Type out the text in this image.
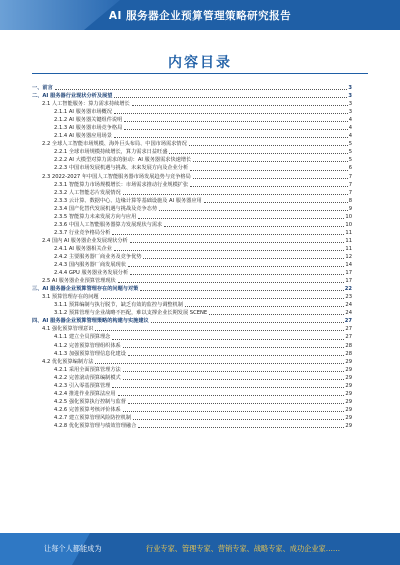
AI 服务器企业预算管理策略研究报告
内容目录
一、前言	3
二、AI 服务器行业现状分析及展望	3
2.1 人工智能服务：算力需求持续增长	3
2.1.1 AI 服务器市场概况	3
2.1.2 AI 服务器关键组件说明	4
2.1.3 AI 服务器市场竞争格局	4
2.1.4 AI 服务器应用场景	4
2.2 全球人工智能市场规模、海外巨头布局、中国市场需求情况	5
2.2.1 全球市场规模持续增长，算力需求日益旺盛	5
2.2.2 AI 大模型对算力需求的驱动：AI 服务器需求快速增长	5
2.2.3 中国市场发展机遇与挑战、未来发展方向及企业分析	6
2.3 2022-2027 年中国人工智能服务器市场发展趋势与竞争格局	7
2.3.1 智能算力市场规模增长：市场需求推动行业规模扩张	7
2.3.2 人工智能芯片发展情况	7
2.3.3 云计算、数据中心、边缘计算等基础设施及 AI 服务器应用	8
2.3.4 国产化替代发展机遇与挑战及竞争态势	9
2.3.5 智能算力未来发展方向与应用	10
2.3.6 中国人工智能服务器算力发展现状与需求	10
2.3.7 行业竞争格局分析	11
2.4 国内 AI 服务器企业发展现状分析	11
2.4.1 AI 服务器相关企业	11
2.4.2 主要服务器厂商业务及竞争优势	12
2.4.3 国内服务器厂商发展现状	14
2.4.4 GPU 服务器业务发展分析	17
2.5 AI 服务器企业预算管理现状	17
三、AI 服务器企业预算管理存在的问题与对策	22
3.1 预算管理存在的问题	23
3.1.1 预算编制与执行脱节，缺乏有效的监控与调整机制	24
3.1.2 预算管理与企业战略不匹配，难以支撑企业长期发展 SCENE	24
四、AI 服务器企业预算管理策略的构建与实施建议	27
4.1 强化预算管理意识	27
4.1.1 建立全员预算理念	27
4.1.2 完善预算管理组织体系	28
4.1.3 加强预算管理信息化建设	28
4.2 优化预算编制方法	29
4.2.1 采用全面预算管理方法	29
4.2.2 完善滚动预算编制模式	29
4.2.3 引入零基预算管理	29
4.2.4 推进作业预算法应用	29
4.2.5 强化预算执行控制与监督	29
4.2.6 完善预算考核评价体系	29
4.2.7 建立预算管理风险防控机制	29
4.2.8 优化预算管理与绩效管理融合	29
让每个人都能成为	行业专家、管理专家、营销专家、战略专家、成功企业家……
